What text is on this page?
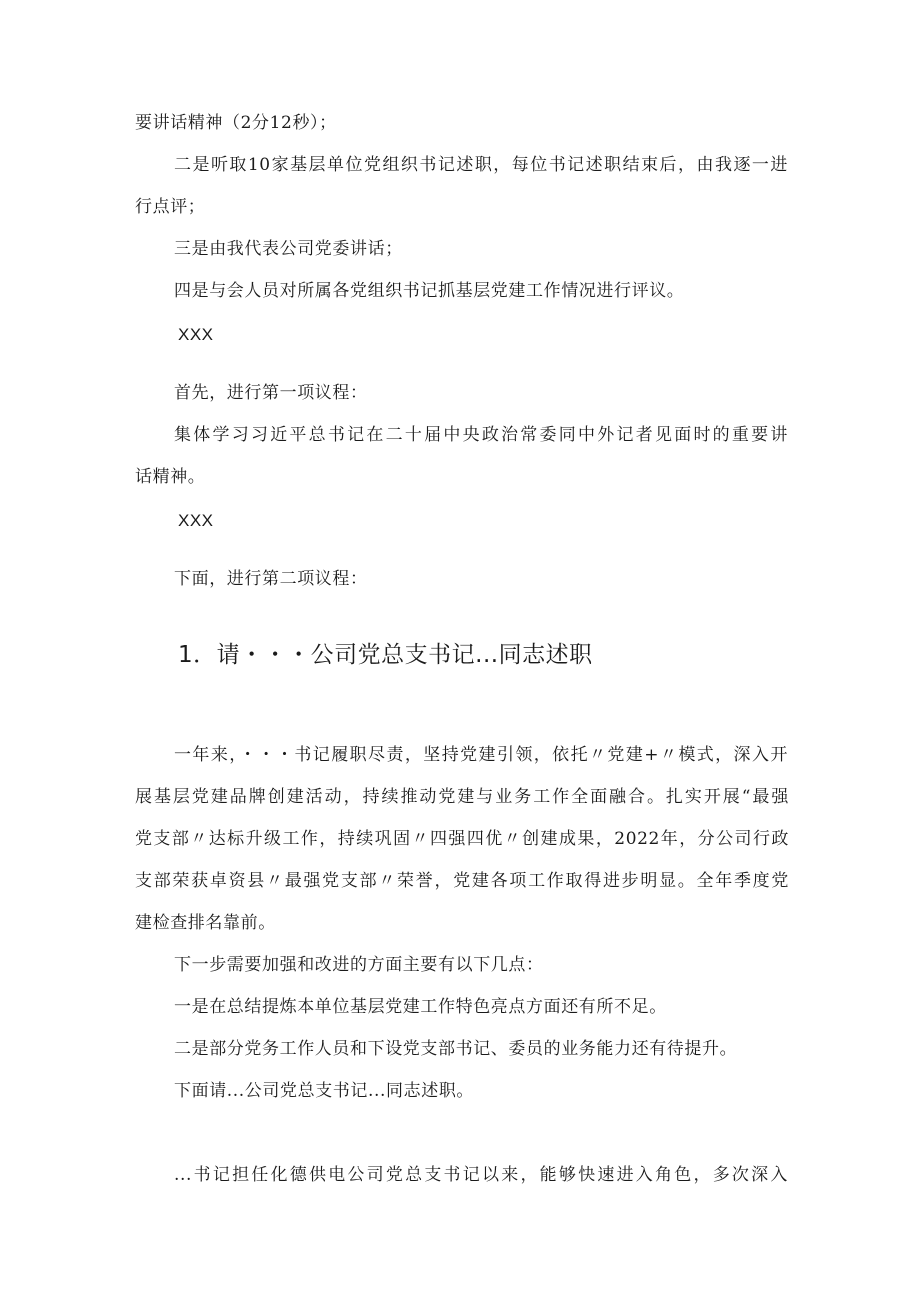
要讲话精神（2分12秒）；

二是听取10家基层单位党组织书记述职，每位书记述职结束后，由我逐一进

行点评；

三是由我代表公司党委讲话；

四是与会人员对所属各党组织书记抓基层党建工作情况进行评议。

XXX

首先，进行第一项议程：

集体学习习近平总书记在二十届中央政治常委同中外记者见面时的重要讲

话精神。

XXX

下面，进行第二项议程：

1．请・・・公司党总支书记...同志述职

一年来，・・・书记履职尽责，坚持党建引领，依托〃党建+〃模式，深入开

展基层党建品牌创建活动，持续推动党建与业务工作全面融合。扎实开展“最强

党支部〃达标升级工作，持续巩固〃四强四优〃创建成果，2022年，分公司行政

支部荣获卓资县〃最强党支部〃荣誉，党建各项工作取得进步明显。全年季度党

建检查排名靠前。

下一步需要加强和改进的方面主要有以下几点：

一是在总结提炼本单位基层党建工作特色亮点方面还有所不足。

二是部分党务工作人员和下设党支部书记、委员的业务能力还有待提升。

下面请...公司党总支书记...同志述职。

...书记担任化德供电公司党总支书记以来，能够快速进入角色，多次深入
